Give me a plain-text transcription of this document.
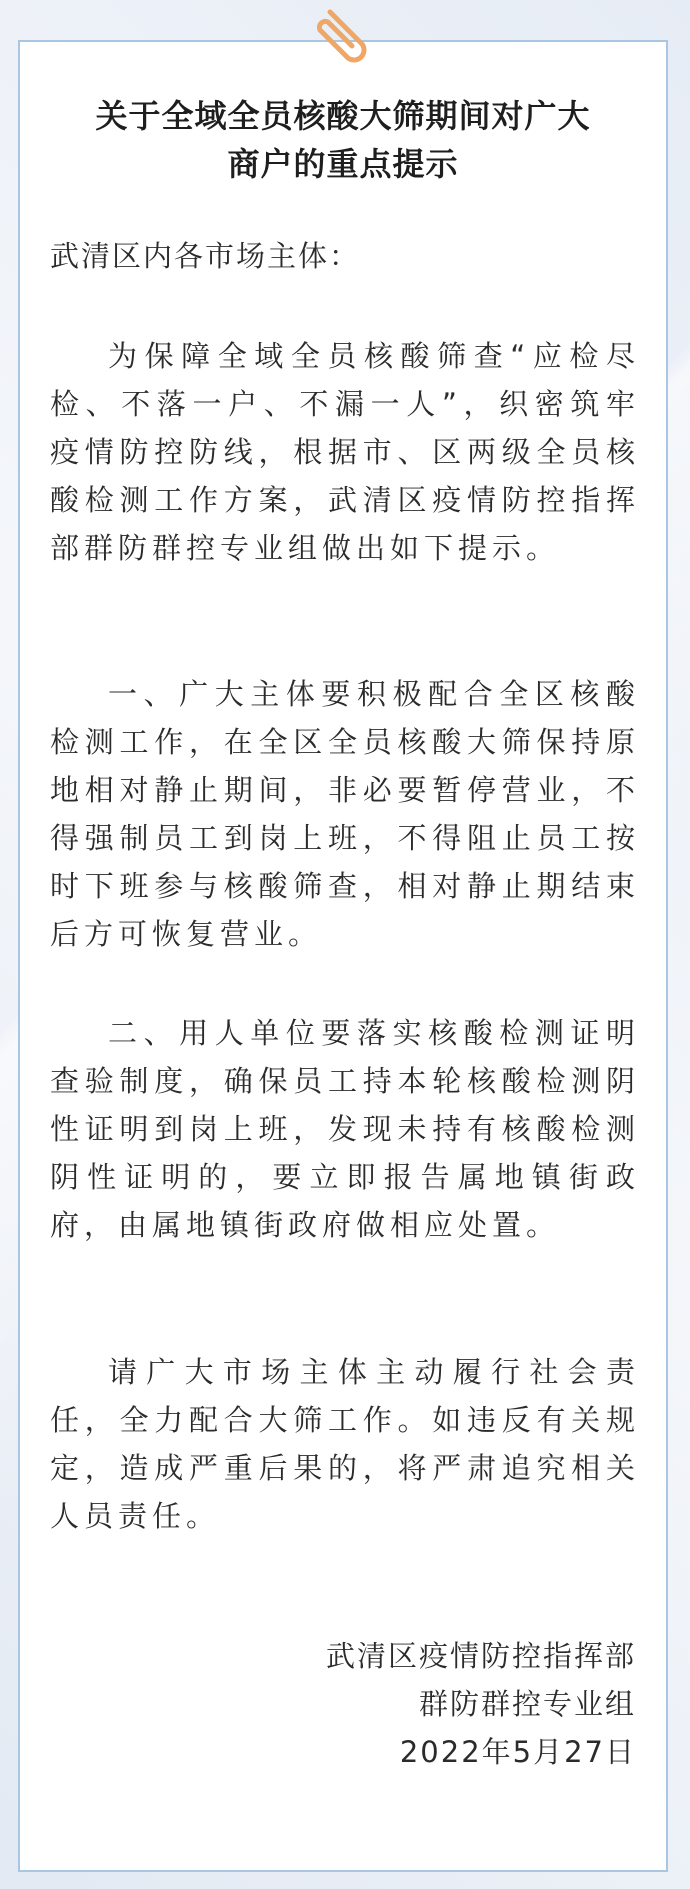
关于全域全员核酸大筛期间对广大
商户的重点提示
武清区内各市场主体：
为保障全域全员核酸筛查“应检尽检、不落一户、不漏一人”，织密筑牢疫情防控防线，根据市、区两级全员核酸检测工作方案，武清区疫情防控指挥部群防群控专业组做出如下提示。
一、广大主体要积极配合全区核酸检测工作，在全区全员核酸大筛保持原地相对静止期间，非必要暂停营业，不得强制员工到岗上班，不得阻止员工按时下班参与核酸筛查，相对静止期结束后方可恢复营业。
二、用人单位要落实核酸检测证明查验制度，确保员工持本轮核酸检测阴性证明到岗上班，发现未持有核酸检测阴性证明的，要立即报告属地镇街政府，由属地镇街政府做相应处置。
请广大市场主体主动履行社会责任，全力配合大筛工作。如违反有关规定，造成严重后果的，将严肃追究相关人员责任。
武清区疫情防控指挥部
群防群控专业组
2022年5月27日
